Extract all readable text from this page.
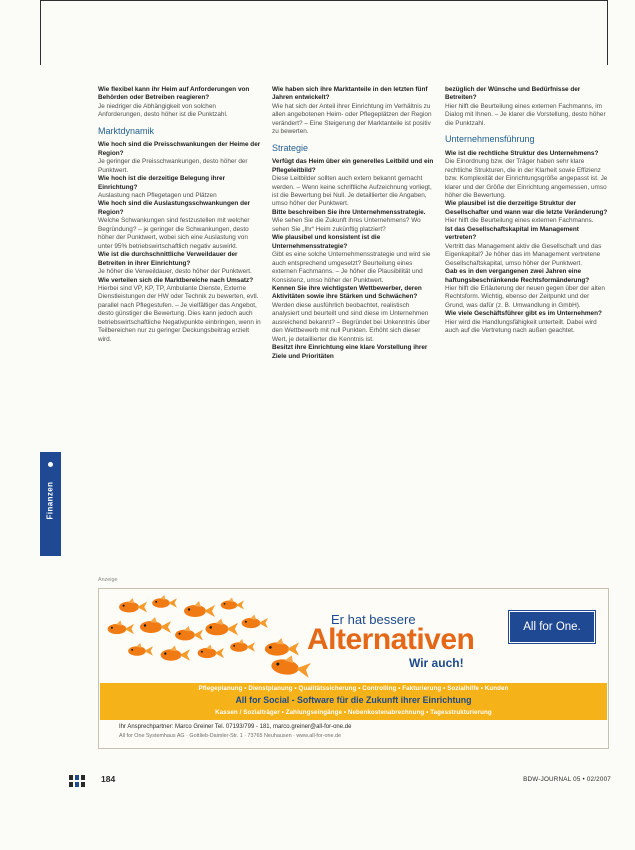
Finanzen

Wie flexibel kann ihr Heim auf Anforderungen von Behörden oder Betreiben reagieren?

Je niedriger die Abhängigkeit von solchen Anforderungen, desto höher ist die Punktzahl.

Marktdynamik

Wie hoch sind die Preisschwankungen der Heime der Region?

Je geringer die Preisschwankungen, desto höher der Punktwert.

Wie hoch ist die derzeitige Belegung ihrer Einrichtung?

Auslastung nach Pflegetagen und Plätzen

Wie hoch sind die Auslastungsschwankungen der Region?

Welche Schwankungen sind festzustellen mit welcher Begründung? – je geringer die Schwankungen, desto höher der Punktwert, wobei sich eine Auslastung von unter 95% betriebswirtschaftlich negativ auswirkt.

Wie ist die durchschnittliche Verweildauer der Betreiten in ihrer Einrichtung?

Je höher die Verweildauer, desto höher der Punktwert.

Wie verteilen sich die Marktbereiche nach Umsatz?

Hierbei sind VP, KP, TP, Ambulante Dienste, Externe Dienstleistungen der HW oder Technik zu bewerten, evtl. parallel nach Pflegestufen. – Je vielfältiger das Angebot, desto günstiger die Bewertung. Dies kann jedoch auch betriebswirtschaftliche Negativpunkte einbringen, wenn in Teilbereichen nur zu geringer Deckungsbeitrag erzielt wird.

Wie haben sich ihre Marktanteile in den letzten fünf Jahren entwickelt?

Wie hat sich der Anteil ihrer Einrichtung im Verhältnis zu allen angebotenen Heim- oder Pflegeplätzen der Region verändert? – Eine Steigerung der Marktanteile ist positiv zu bewerten.

Strategie

Verfügt das Heim über ein generelles Leitbild und ein Pflegeleitbild?

Diese Leitbilder sollten auch extern bekannt gemacht werden. – Wenn keine schriftliche Aufzeichnung vorliegt, ist die Bewertung bei Null. Je detaillierter die Angaben, umso höher der Punktwert.

Bitte beschreiben Sie ihre Unternehmensstrategie.

Wie sehen Sie die Zukunft ihres Unternehmens? Wo sehen Sie „Ihr“ Heim zukünftig platziert?

Wie plausibel und konsistent ist die Unternehmensstrategie?

Gibt es eine solche Unternehmensstrategie und wird sie auch entsprechend umgesetzt? Beurteilung eines externen Fachmanns. – Je höher die Plausibilität und Konsistenz, umso höher der Punktwert.

Kennen Sie ihre wichtigsten Wettbewerber, deren Aktivitäten sowie ihre Stärken und Schwächen?

Werden diese ausführlich beobachtet, realistisch analysiert und beurteilt und sind diese im Unternehmen ausreichend bekannt? – Begründet bei Unkenntnis über den Wettbewerb mit null Punkten. Erhöht sich dieser Wert, je detaillierter die Kenntnis ist.

Besitzt ihre Einrichtung eine klare Vorstellung ihrer Ziele und Prioritäten

bezüglich der Wünsche und Bedürfnisse der Betreiten?

Hier hilft die Beurteilung eines externen Fachmanns, im Dialog mit Ihnen. – Je klarer die Vorstellung, desto höher die Punktzahl.

Unternehmensführung

Wie ist die rechtliche Struktur des Unternehmens?

Die Einordnung bzw. der Träger haben sehr klare rechtliche Strukturen, die in der Klarheit sowie Effizienz bzw. Komplexität der Einrichtungsgröße angepasst ist. Je klarer und der Größe der Einrichtung angemessen, umso höher die Bewertung.

Wie plausibel ist die derzeitige Struktur der Gesellschafter und wann war die letzte Veränderung?

Hier hilft die Beurteilung eines externen Fachmanns.

Ist das Gesellschaftskapital im Management vertreten?

Vertritt das Management aktiv die Gesellschaft und das Eigenkapital? Je höher das im Management vertretene Gesellschaftskapital, umso höher der Punktwert.

Gab es in den vergangenen zwei Jahren eine haftungsbeschränkende Rechtsformänderung?

Hier hilft die Erläuterung der neuen gegen über der alten Rechtsform. Wichtig, ebenso der Zeitpunkt und der Grund, was dafür (z. B. Umwandlung in GmbH).

Wie viele Geschäftsführer gibt es im Unternehmen?

Hier wird die Handlungsfähigkeit unterteilt. Dabei wird auch auf die Vertretung nach außen geachtet.

Anzeige
Er hat bessere
Alternativen
Wir auch!
All for One.
Pflegeplanung • Dienstplanung • Qualitätssicherung • Controlling • Fakturierung • Sozialhilfe • Kunden
All for Social - Software für die Zukunft ihrer Einrichtung
Kassen / Sozialträger • Zahlungseingänge • Nebenkostenabrechnung • Tagesstrukturierung
Ihr Ansprechpartner: Marco Greiner Tel. 07193/799 - 181, marco.greiner@all-for-one.de
All for One Systemhaus AG · Gottlieb-Daimler-Str. 1 · 73765 Neuhausen · www.all-for-one.de
184	BDW-JOURNAL 05 • 02/2007
